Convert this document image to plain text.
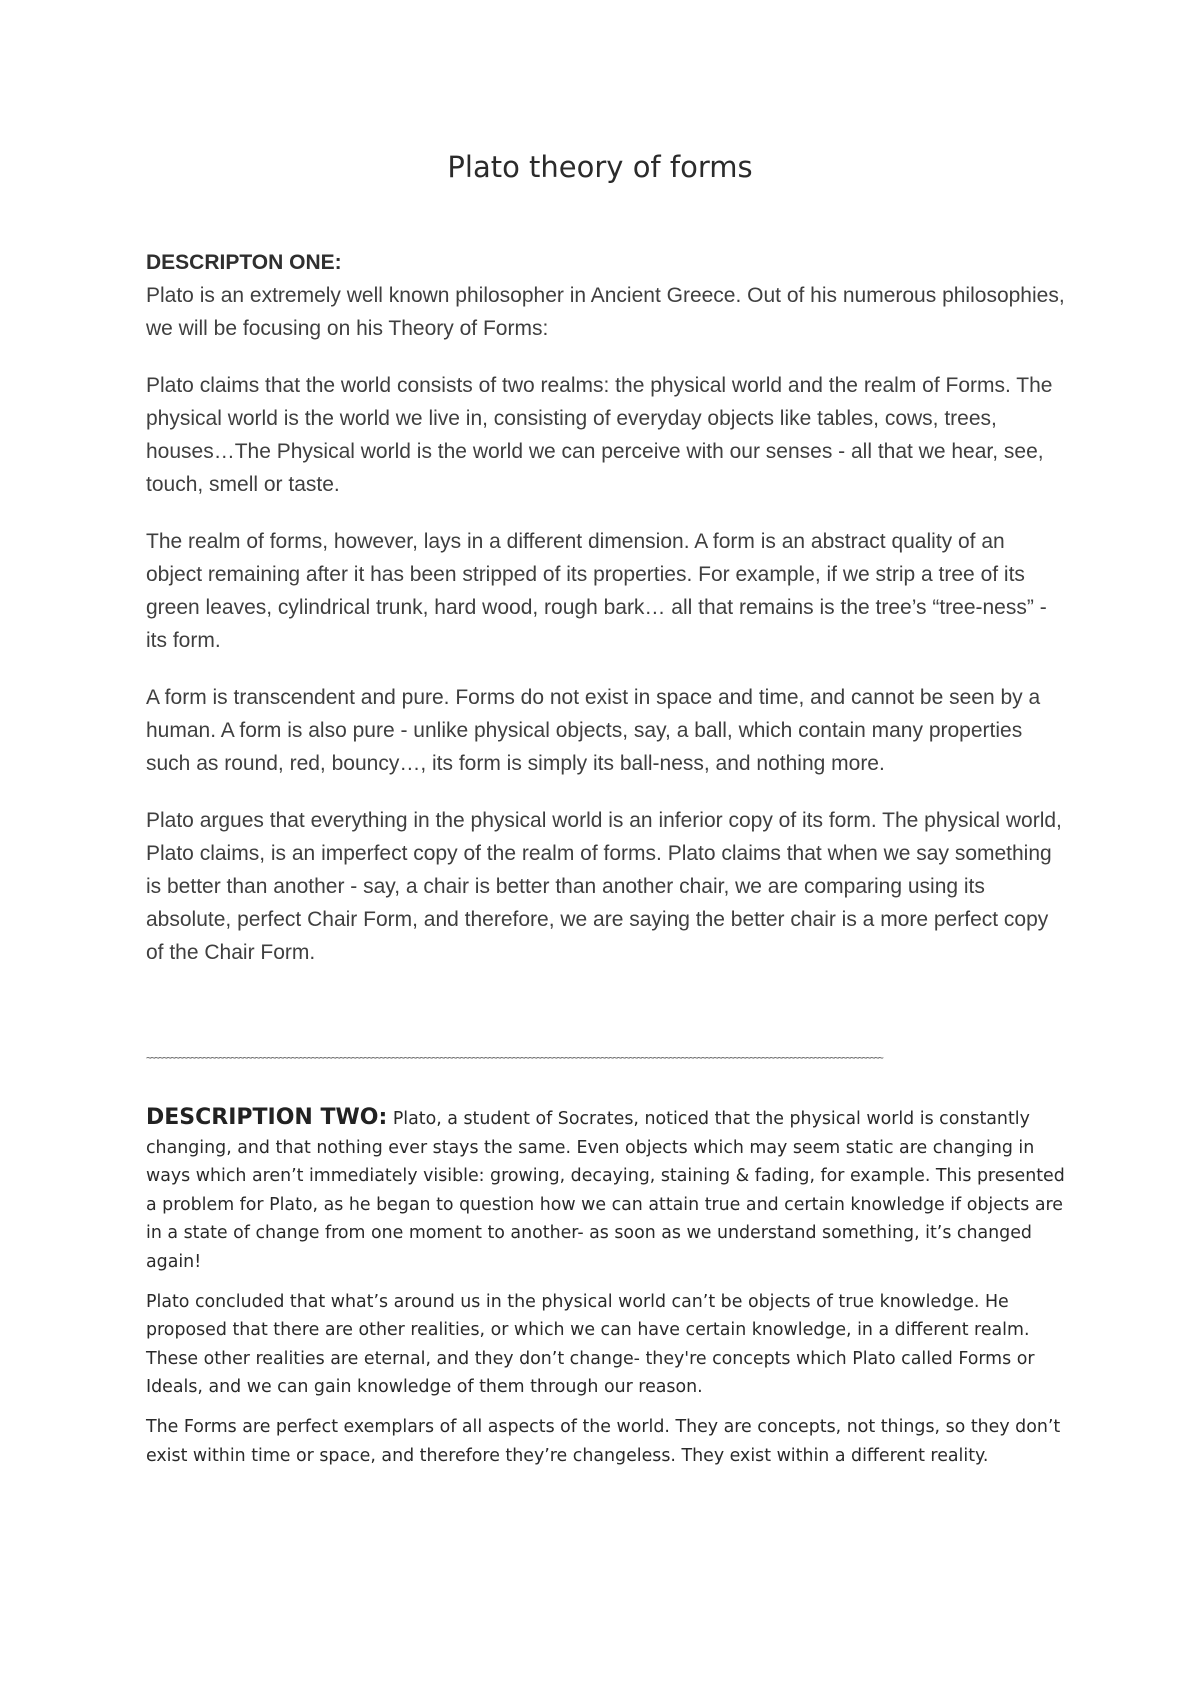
Plato theory of forms

DESCRIPTON ONE:
Plato is an extremely well known philosopher in Ancient Greece. Out of his numerous philosophies, we will be focusing on his Theory of Forms:

Plato claims that the world consists of two realms: the physical world and the realm of Forms. The physical world is the world we live in, consisting of everyday objects like tables, cows, trees, houses…The Physical world is the world we can perceive with our senses - all that we hear, see, touch, smell or taste.

The realm of forms, however, lays in a different dimension. A form is an abstract quality of an object remaining after it has been stripped of its properties. For example, if we strip a tree of its green leaves, cylindrical trunk, hard wood, rough bark… all that remains is the tree’s “tree-ness” - its form.

A form is transcendent and pure. Forms do not exist in space and time, and cannot be seen by a human. A form is also pure - unlike physical objects, say, a ball, which contain many properties such as round, red, bouncy…, its form is simply its ball-ness, and nothing more.

Plato argues that everything in the physical world is an inferior copy of its form. The physical world, Plato claims, is an imperfect copy of the realm of forms. Plato claims that when we say something is better than another - say, a chair is better than another chair, we are comparing using its absolute, perfect Chair Form, and therefore, we are saying the better chair is a more perfect copy of the Chair Form.

~~~~~~~~~~~~~~~~~~~~~~~~~~~~~~~~~~~~~~~~~~~~~~~~~~~~~~~~~~~~~~~~~~~~~~~~~~~~~~~~~~~~~~~~~~~~~~~~~~~~~~~~~~~~~~~~~~~~~~~~~~~~~~~~~~~~~~~~~~~~~~~~~~~~~~~~~~~~~~~~~~~~~~~~~~~~~~~~~~~~~~~

DESCRIPTION TWO: Plato, a student of Socrates, noticed that the physical world is constantly changing, and that nothing ever stays the same. Even objects which may seem static are changing in ways which aren’t immediately visible: growing, decaying, staining & fading, for example. This presented a problem for Plato, as he began to question how we can attain true and certain knowledge if objects are in a state of change from one moment to another- as soon as we understand something, it’s changed again!

Plato concluded that what’s around us in the physical world can’t be objects of true knowledge. He proposed that there are other realities, or which we can have certain knowledge, in a different realm. These other realities are eternal, and they don’t change- they're concepts which Plato called Forms or Ideals, and we can gain knowledge of them through our reason.

The Forms are perfect exemplars of all aspects of the world. They are concepts, not things, so they don’t exist within time or space, and therefore they’re changeless. They exist within a different reality.
